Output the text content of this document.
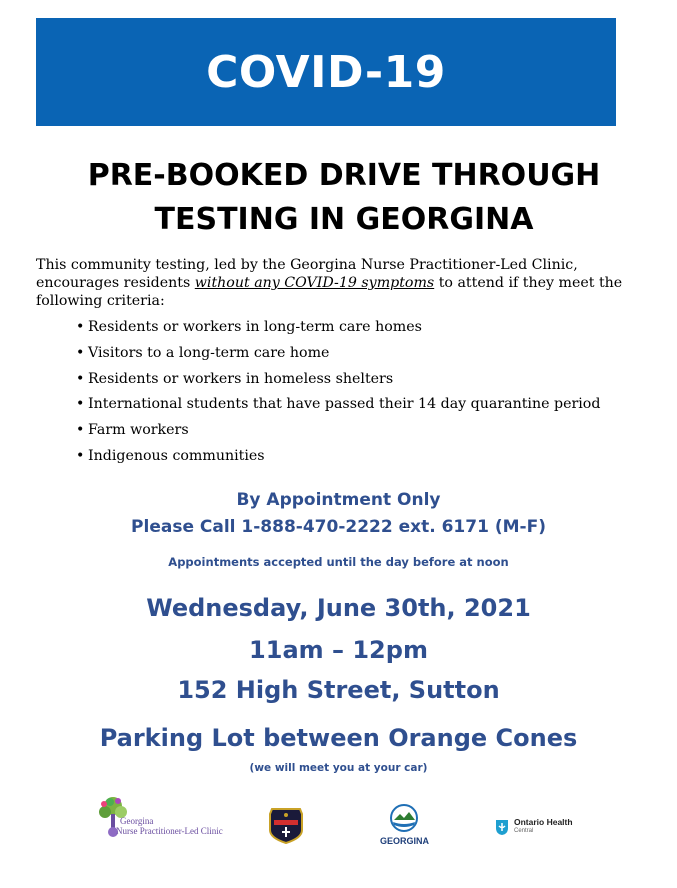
COVID-19
PRE-BOOKED DRIVE THROUGH
TESTING IN GEORGINA
This community testing, led by the Georgina Nurse Practitioner-Led Clinic, encourages residents without any COVID-19 symptoms to attend if they meet the following criteria:
• Residents or workers in long-term care homes
• Visitors to a long-term care home
• Residents or workers in homeless shelters
• International students that have passed their 14 day quarantine period
• Farm workers
• Indigenous communities
By Appointment Only
Please Call 1-888-470-2222 ext. 6171 (M-F)
Appointments accepted until the day before at noon
Wednesday, June 30th, 2021
11am – 12pm
152 High Street, Sutton
Parking Lot between Orange Cones
(we will meet you at your car)
Georgina
Nurse Practitioner-Led Clinic
GEORGINA
Ontario Health
Central
